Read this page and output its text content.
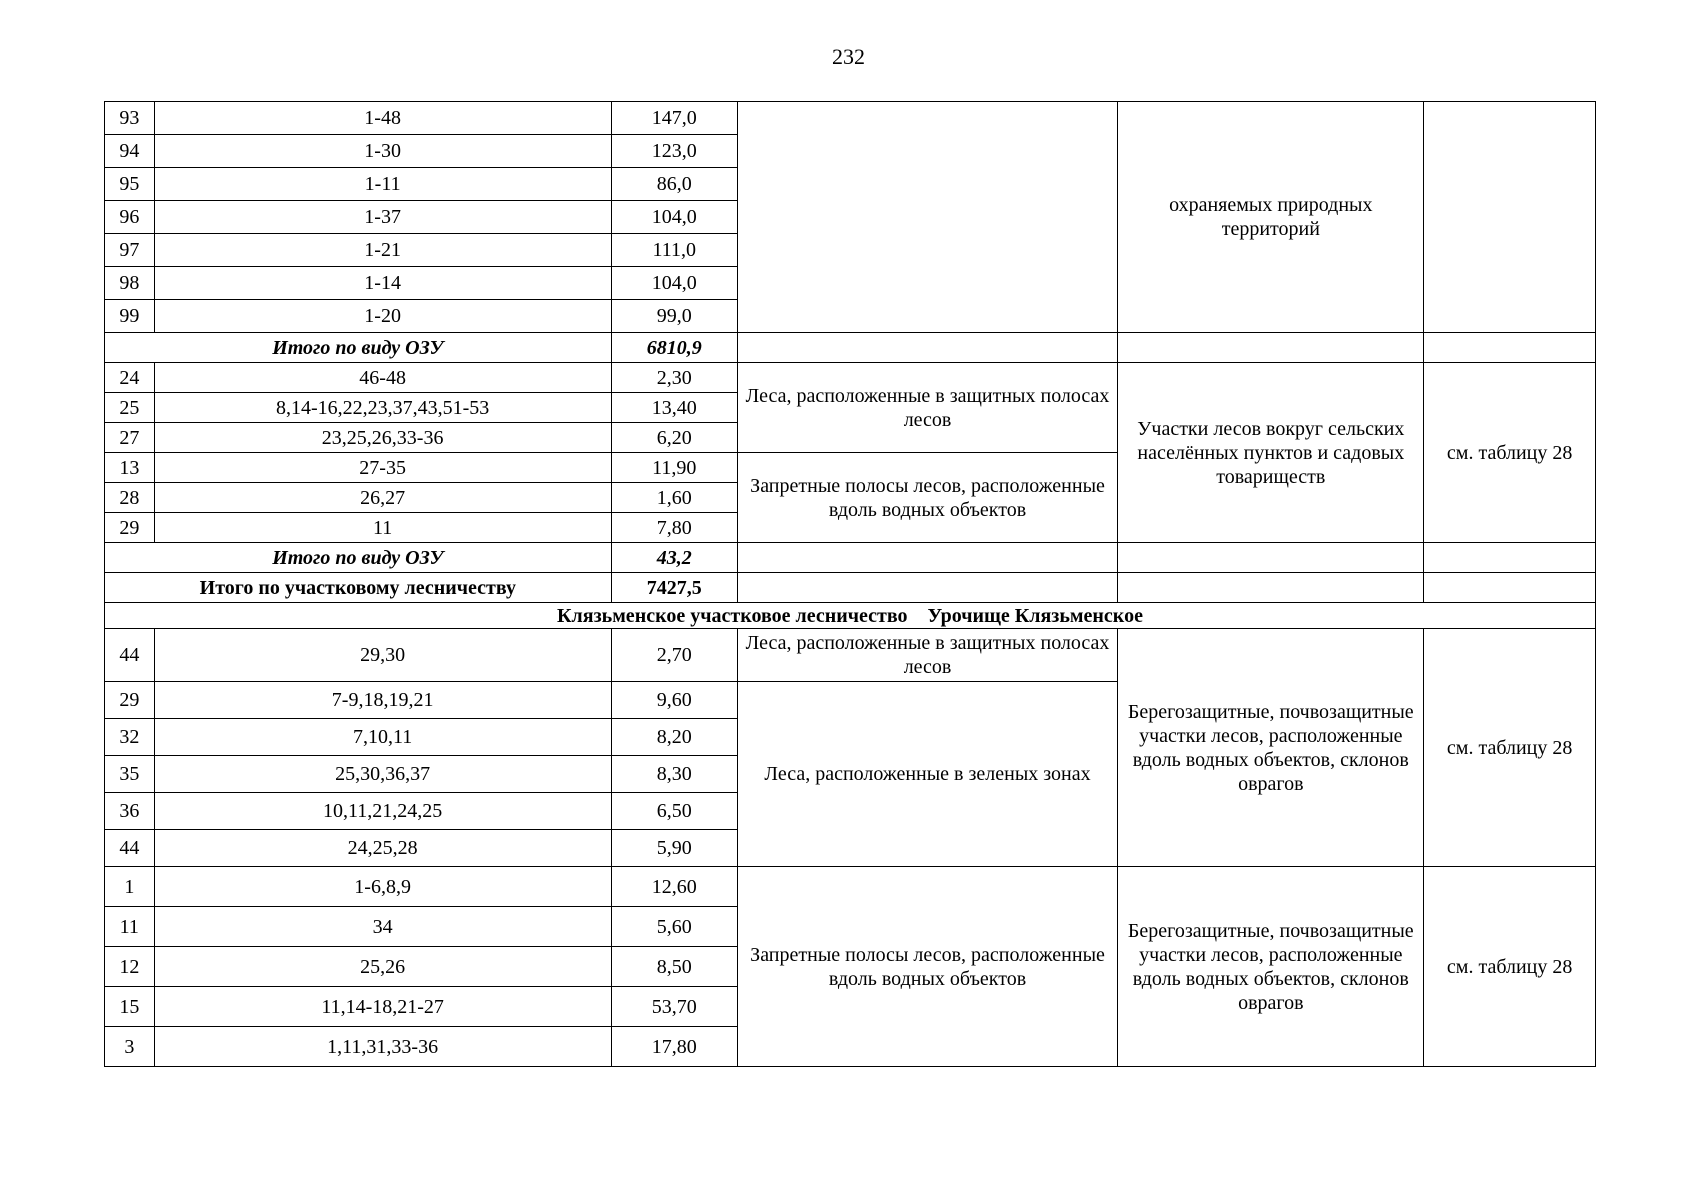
232
93	1-48	147,0		охраняемых природных территорий	
94	1-30	123,0			
95	1-11	86,0			
96	1-37	104,0			
97	1-21	111,0			
98	1-14	104,0			
99	1-20	99,0			
Итого по виду ОЗУ		6810,9			
24	46-48	2,30	Леса, расположенные в защитных полосах лесов	Участки лесов вокруг сельских населённых пунктов и садовых товариществ	см. таблицу 28
25	8,14-16,22,23,37,43,51-53	13,40			
27	23,25,26,33-36	6,20			
13	27-35	11,90	Запретные полосы лесов, расположенные вдоль водных объектов		
28	26,27	1,60			
29	11	7,80			
Итого по виду ОЗУ		43,2			
Итого по участковому лесничеству		7427,5			
Клязьменское участковое лесничество Урочище Клязьменское					
44	29,30	2,70	Леса, расположенные в защитных полосах лесов	Берегозащитные, почвозащитные участки лесов, расположенные вдоль водных объектов, склонов оврагов	см. таблицу 28
29	7-9,18,19,21	9,60	Леса, расположенные в зеленых зонах		
32	7,10,11	8,20			
35	25,30,36,37	8,30			
36	10,11,21,24,25	6,50			
44	24,25,28	5,90			
1	1-6,8,9	12,60	Запретные полосы лесов, расположенные вдоль водных объектов	Берегозащитные, почвозащитные участки лесов, расположенные вдоль водных объектов, склонов оврагов	см. таблицу 28
11	34	5,60			
12	25,26	8,50			
15	11,14-18,21-27	53,70			
3	1,11,31,33-36	17,80			
